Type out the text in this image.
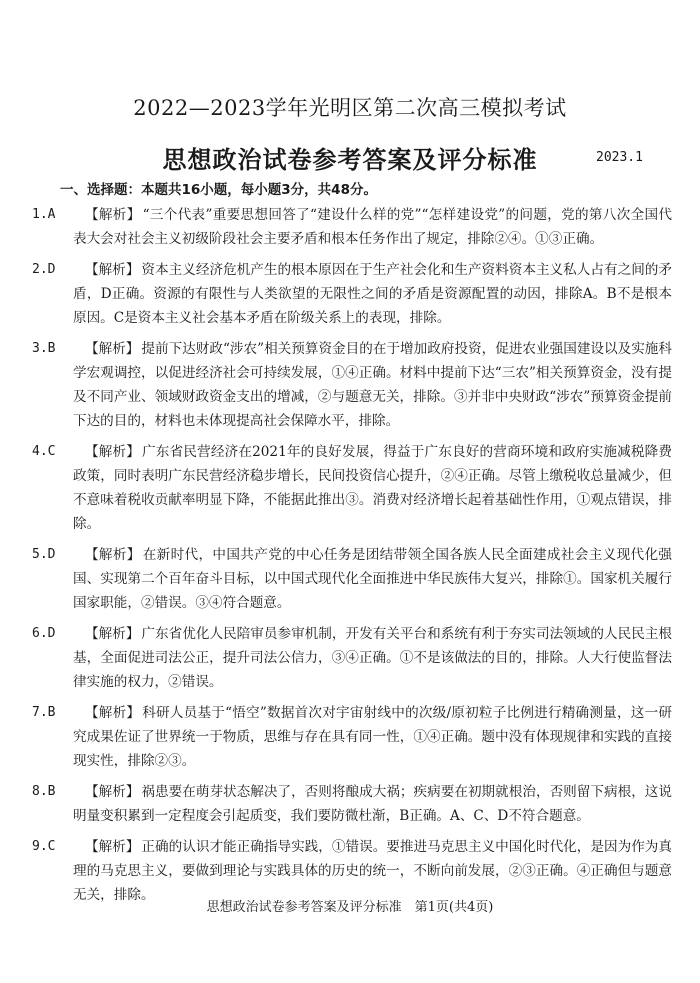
2022—2023学年光明区第二次高三模拟考试
思想政治试卷参考答案及评分标准	2023.1
一、选择题：本题共16小题，每小题3分，共48分。
1.A 【解析】 “三个代表”重要思想回答了“建设什么样的党”“怎样建设党”的问题，党的第八次全国代表大会对社会主义初级阶段社会主要矛盾和根本任务作出了规定，排除②④。①③正确。
2.D 【解析】 资本主义经济危机产生的根本原因在于生产社会化和生产资料资本主义私人占有之间的矛盾，D正确。资源的有限性与人类欲望的无限性之间的矛盾是资源配置的动因，排除A。B不是根本原因。C是资本主义社会基本矛盾在阶级关系上的表现，排除。
3.B 【解析】 提前下达财政“涉农”相关预算资金目的在于增加政府投资，促进农业强国建设以及实施科学宏观调控，以促进经济社会可持续发展，①④正确。材料中提前下达“三农”相关预算资金，没有提及不同产业、领域财政资金支出的增减，②与题意无关，排除。③并非中央财政“涉农”预算资金提前下达的目的，材料也未体现提高社会保障水平，排除。
4.C 【解析】 广东省民营经济在2021年的良好发展，得益于广东良好的营商环境和政府实施减税降费政策，同时表明广东民营经济稳步增长，民间投资信心提升，②④正确。尽管上缴税收总量减少，但不意味着税收贡献率明显下降，不能据此推出③。消费对经济增长起着基础性作用，①观点错误，排除。
5.D 【解析】 在新时代，中国共产党的中心任务是团结带领全国各族人民全面建成社会主义现代化强国、实现第二个百年奋斗目标，以中国式现代化全面推进中华民族伟大复兴，排除①。国家机关履行国家职能，②错误。③④符合题意。
6.D 【解析】 广东省优化人民陪审员参审机制，开发有关平台和系统有利于夯实司法领域的人民民主根基，全面促进司法公正，提升司法公信力，③④正确。①不是该做法的目的，排除。人大行使监督法律实施的权力，②错误。
7.B 【解析】 科研人员基于“悟空”数据首次对宇宙射线中的次级/原初粒子比例进行精确测量，这一研究成果佐证了世界统一于物质，思维与存在具有同一性，①④正确。题中没有体现规律和实践的直接现实性，排除②③。
8.B 【解析】 祸患要在萌芽状态解决了，否则将酿成大祸；疾病要在初期就根治，否则留下病根，这说明量变积累到一定程度会引起质变，我们要防微杜渐，B正确。A、C、D不符合题意。
9.C 【解析】 正确的认识才能正确指导实践，①错误。要推进马克思主义中国化时代化，是因为作为真理的马克思主义，要做到理论与实践具体的历史的统一，不断向前发展，②③正确。④正确但与题意无关，排除。
思想政治试卷参考答案及评分标准　第1页(共4页)
